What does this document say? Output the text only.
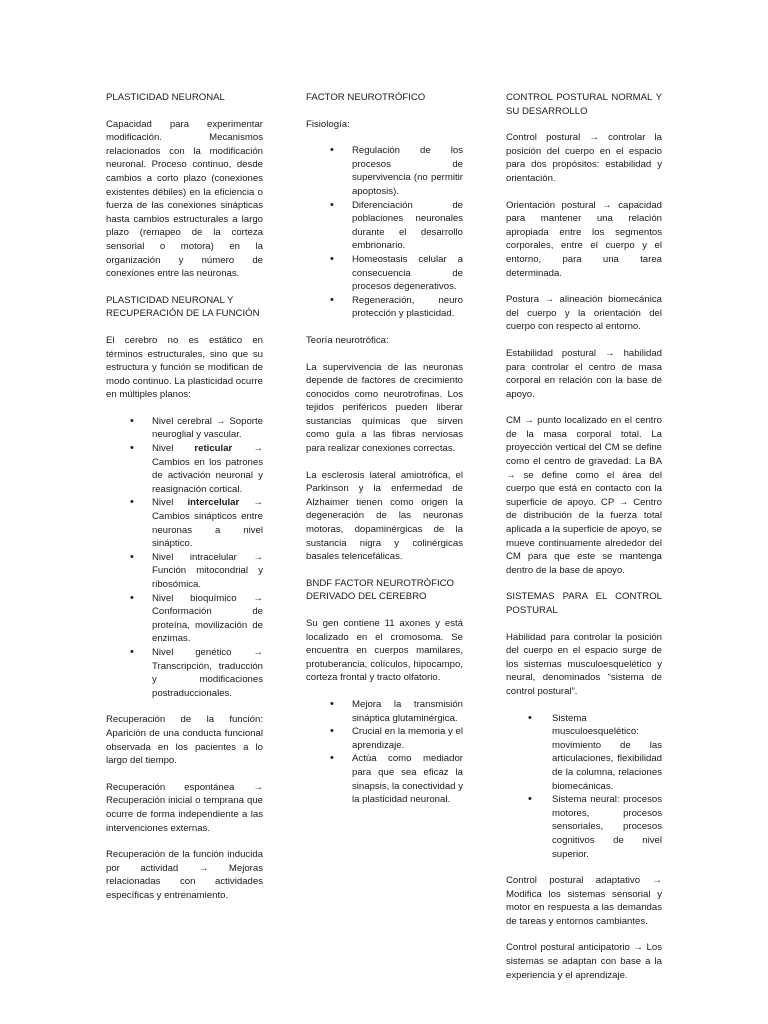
PLASTICIDAD NEURONAL

Capacidad para experimentar modificación. Mecanismos relacionados con la modificación neuronal. Proceso continuo, desde cambios a corto plazo (conexiones existentes débiles) en la eficiencia o fuerza de las conexiones sinápticas hasta cambios estructurales a largo plazo (remapeo de la corteza sensorial o motora) en la organización y número de conexiones entre las neuronas.

PLASTICIDAD NEURONAL Y RECUPERACIÓN DE LA FUNCIÓN

El cerebro no es estático en términos estructurales, sino que su estructura y función se modifican de modo continuo. La plasticidad ocurre en múltiples planos:

• Nivel cerebral → Soporte neuroglial y vascular.
• Nivel reticular → Cambios en los patrones de activación neuronal y reasignación cortical.
• Nivel intercelular → Cambios sinápticos entre neuronas a nivel sináptico.
• Nivel intracelular → Función mitocondrial y ribosómica.
• Nivel bioquímico → Conformación de proteína, movilización de enzimas.
• Nivel genético → Transcripción, traducción y modificaciones postraduccionales.

Recuperación de la función: Aparición de una conducta funcional observada en los pacientes a lo largo del tiempo.

Recuperación espontánea → Recuperación inicial o temprana que ocurre de forma independiente a las intervenciones externas.

Recuperación de la función inducida por actividad → Mejoras relacionadas con actividades específicas y entrenamiento.

FACTOR NEUROTRÓFICO

Fisiología:

• Regulación de los procesos de supervivencia (no permitir apoptosis).
• Diferenciación de poblaciones neuronales durante el desarrollo embrionario.
• Homeostasis celular a consecuencia de procesos degenerativos.
• Regeneración, neuro protección y plasticidad.

Teoría neurotrófica:

La supervivencia de las neuronas depende de factores de crecimiento conocidos como neurotrofinas. Los tejidos periféricos pueden liberar sustancias químicas que sirven como guía a las fibras nerviosas para realizar conexiones correctas.

La esclerosis lateral amiotrófica, el Parkinson y la enfermedad de Alzhaimer tienen como origen la degeneración de las neuronas motoras, dopaminérgicas de la sustancia nigra y colinérgicas basales telencefálicas.

BNDF FACTOR NEUROTRÓFICO DERIVADO DEL CEREBRO

Su gen contiene 11 axones y está localizado en el cromosoma. Se encuentra en cuerpos mamilares, protuberancia, colículos, hipocampo, corteza frontal y tracto olfatorio.

• Mejora la transmisión sináptica glutaminérgica.
• Crucial en la memoria y el aprendizaje.
• Actúa como mediador para que sea eficaz la sinapsis, la conectividad y la plasticidad neuronal.

CONTROL POSTURAL NORMAL Y SU DESARROLLO

Control postural → controlar la posición del cuerpo en el espacio para dos propósitos: estabilidad y orientación.

Orientación postural → capacidad para mantener una relación apropiada entre los segmentos corporales, entre el cuerpo y el entorno, para una tarea determinada.

Postura → alineación biomecánica del cuerpo y la orientación del cuerpo con respecto al entorno.

Estabilidad postural → habilidad para controlar el centro de masa corporal en relación con la base de apoyo.

CM → punto localizado en el centro de la masa corporal total. La proyección vertical del CM se define como el centro de gravedad. La BA → se define como el área del cuerpo que está en contacto con la superficie de apoyo. CP → Centro de distribución de la fuerza total aplicada a la superficie de apoyo, se mueve continuamente alrededor del CM para que este se mantenga dentro de la base de apoyo.

SISTEMAS PARA EL CONTROL POSTURAL

Habilidad para controlar la posición del cuerpo en el espacio surge de los sistemas musculoesquelético y neural, denominados “sistema de control postural”.

• Sistema musculoesquelético: movimiento de las articulaciones, flexibilidad de la columna, relaciones biomecánicas.
• Sistema neural: procesos motores, procesos sensoriales, procesos cognitivos de nivel superior.

Control postural adaptativo → Modifica los sistemas sensorial y motor en respuesta a las demandas de tareas y entornos cambiantes.

Control postural anticipatorio → Los sistemas se adaptan con base a la experiencia y el aprendizaje.
